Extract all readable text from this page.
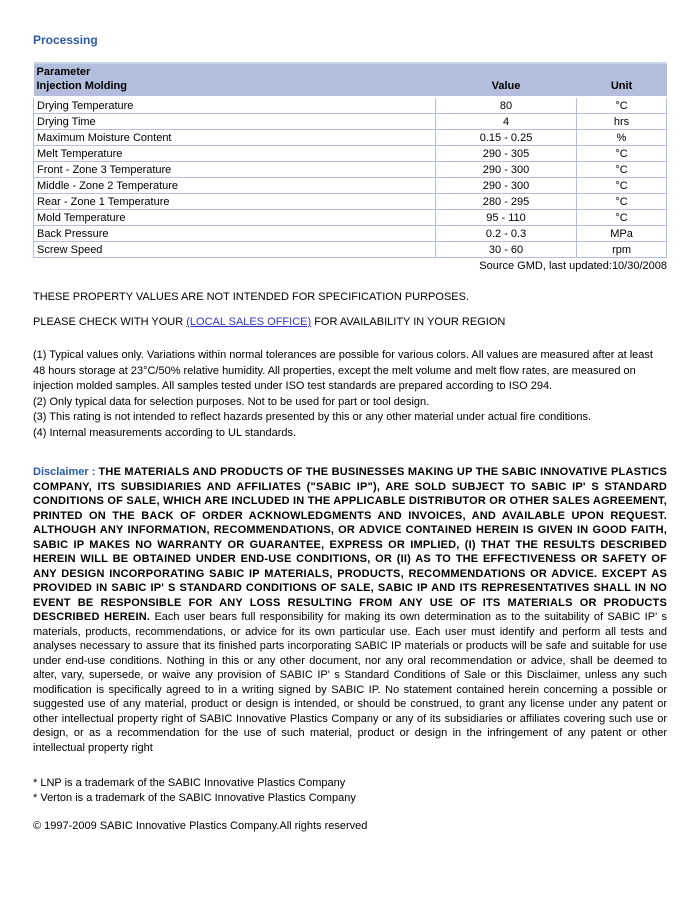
Processing
Parameter		
Injection Molding	Value	Unit
Drying Temperature	80	°C
Drying Time	4	hrs
Maximum Moisture Content	0.15 - 0.25	%
Melt Temperature	290 - 305	°C
Front - Zone 3 Temperature	290 - 300	°C
Middle - Zone 2 Temperature	290 - 300	°C
Rear - Zone 1 Temperature	280 - 295	°C
Mold Temperature	95 - 110	°C
Back Pressure	0.2 - 0.3	MPa
Screw Speed	30 - 60	rpm
Source GMD, last updated:10/30/2008

THESE PROPERTY VALUES ARE NOT INTENDED FOR SPECIFICATION PURPOSES.

PLEASE CHECK WITH YOUR (LOCAL SALES OFFICE) FOR AVAILABILITY IN YOUR REGION

(1) Typical values only. Variations within normal tolerances are possible for various colors. All values are measured after at least 48 hours storage at 23°C/50% relative humidity. All properties, except the melt volume and melt flow rates, are measured on injection molded samples. All samples tested under ISO test standards are prepared according to ISO 294.

(2) Only typical data for selection purposes. Not to be used for part or tool design.

(3) This rating is not intended to reflect hazards presented by this or any other material under actual fire conditions.

(4) Internal measurements according to UL standards.

Disclaimer : THE MATERIALS AND PRODUCTS OF THE BUSINESSES MAKING UP THE SABIC INNOVATIVE PLASTICS COMPANY, ITS SUBSIDIARIES AND AFFILIATES ("SABIC IP"), ARE SOLD SUBJECT TO SABIC IP' S STANDARD CONDITIONS OF SALE, WHICH ARE INCLUDED IN THE APPLICABLE DISTRIBUTOR OR OTHER SALES AGREEMENT, PRINTED ON THE BACK OF ORDER ACKNOWLEDGMENTS AND INVOICES, AND AVAILABLE UPON REQUEST. ALTHOUGH ANY INFORMATION, RECOMMENDATIONS, OR ADVICE CONTAINED HEREIN IS GIVEN IN GOOD FAITH, SABIC IP MAKES NO WARRANTY OR GUARANTEE, EXPRESS OR IMPLIED, (I) THAT THE RESULTS DESCRIBED HEREIN WILL BE OBTAINED UNDER END-USE CONDITIONS, OR (II) AS TO THE EFFECTIVENESS OR SAFETY OF ANY DESIGN INCORPORATING SABIC IP MATERIALS, PRODUCTS, RECOMMENDATIONS OR ADVICE. EXCEPT AS PROVIDED IN SABIC IP' S STANDARD CONDITIONS OF SALE, SABIC IP AND ITS REPRESENTATIVES SHALL IN NO EVENT BE RESPONSIBLE FOR ANY LOSS RESULTING FROM ANY USE OF ITS MATERIALS OR PRODUCTS DESCRIBED HEREIN. Each user bears full responsibility for making its own determination as to the suitability of SABIC IP' s materials, products, recommendations, or advice for its own particular use. Each user must identify and perform all tests and analyses necessary to assure that its finished parts incorporating SABIC IP materials or products will be safe and suitable for use under end-use conditions. Nothing in this or any other document, nor any oral recommendation or advice, shall be deemed to alter, vary, supersede, or waive any provision of SABIC IP' s Standard Conditions of Sale or this Disclaimer, unless any such modification is specifically agreed to in a writing signed by SABIC IP. No statement contained herein concerning a possible or suggested use of any material, product or design is intended, or should be construed, to grant any license under any patent or other intellectual property right of SABIC Innovative Plastics Company or any of its subsidiaries or affiliates covering such use or design, or as a recommendation for the use of such material, product or design in the infringement of any patent or other intellectual property right

* LNP is a trademark of the SABIC Innovative Plastics Company

* Verton is a trademark of the SABIC Innovative Plastics Company

© 1997-2009 SABIC Innovative Plastics Company.All rights reserved
